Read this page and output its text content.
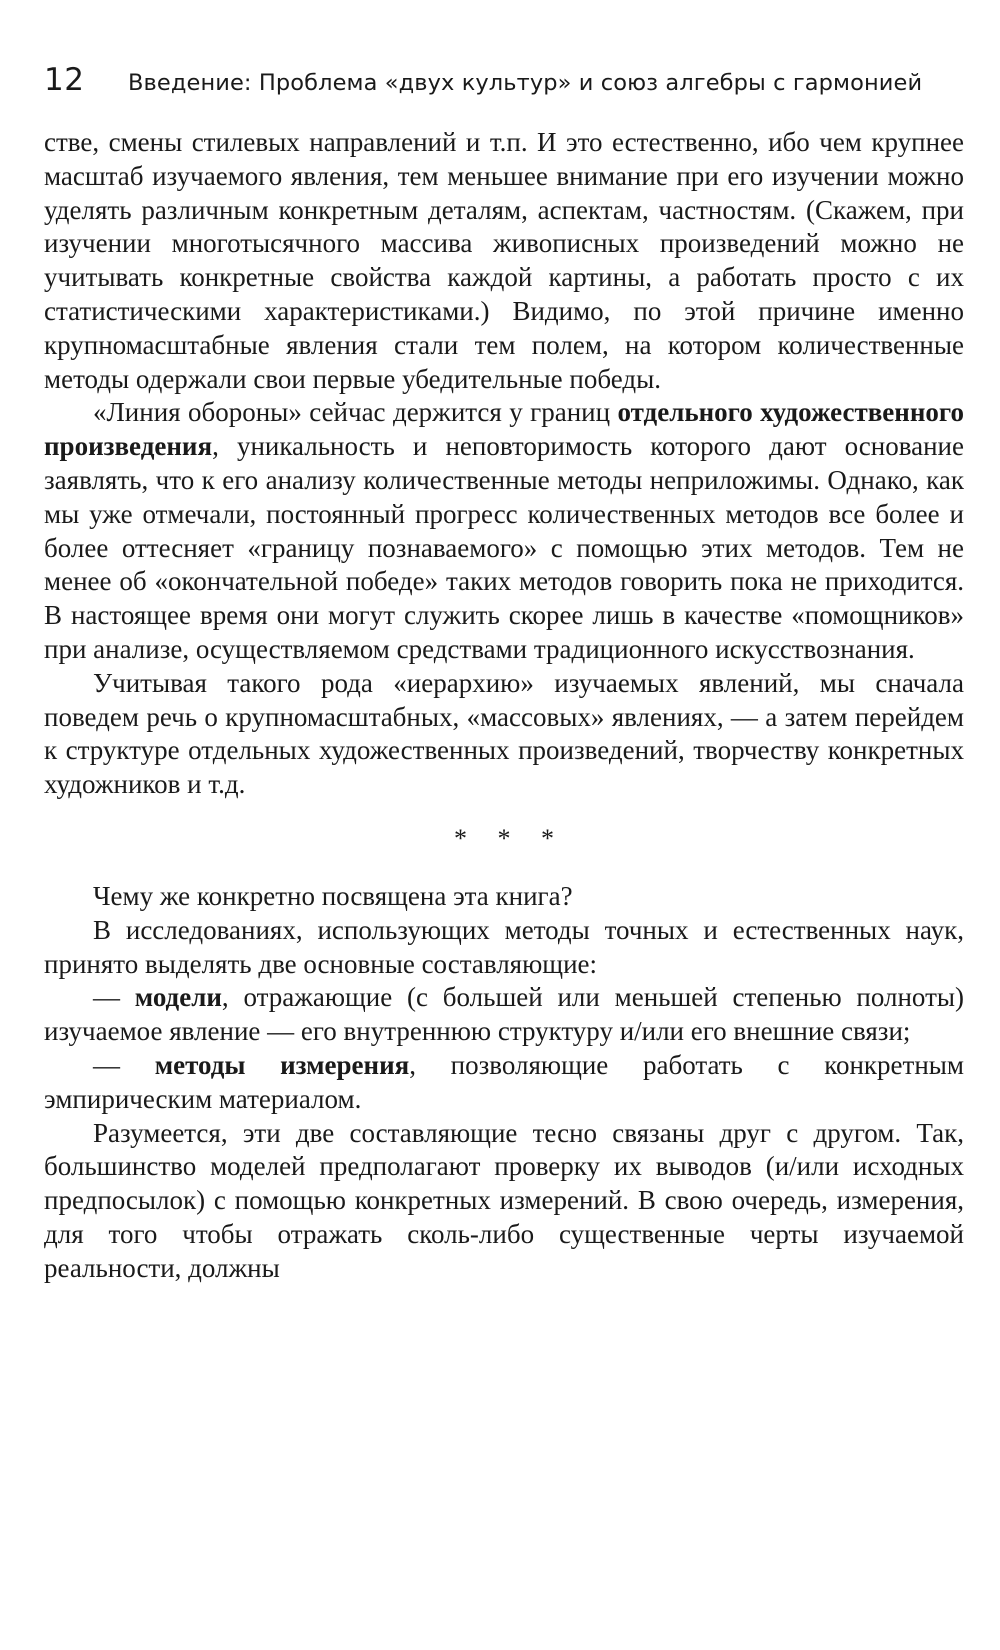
12	Введение: Проблема «двух культур» и союз алгебры с гармонией

стве, смены стилевых направлений и т.п. И это естественно, ибо чем крупнее масштаб изучаемого явления, тем меньшее внимание при его изучении можно уделять различным конкретным деталям, аспектам, частностям. (Скажем, при изучении многотысячного массива живописных произведений можно не учитывать конкретные свойства каждой картины, а работать просто с их статистическими характеристиками.) Видимо, по этой причине именно крупномасштабные явления стали тем полем, на котором количественные методы одержали свои первые убедительные победы.

«Линия обороны» сейчас держится у границ отдельного художественного произведения, уникальность и неповторимость которого дают основание заявлять, что к его анализу количественные методы неприложимы. Однако, как мы уже отмечали, постоянный прогресс количественных методов все более и более оттесняет «границу познаваемого» с помощью этих методов. Тем не менее об «окончательной победе» таких методов говорить пока не приходится. В настоящее время они могут служить скорее лишь в качестве «помощников» при анализе, осуществляемом средствами традиционного искусствознания.

Учитывая такого рода «иерархию» изучаемых явлений, мы сначала поведем речь о крупномасштабных, «массовых» явлениях, — а затем перейдем к структуре отдельных художественных произведений, творчеству конкретных художников и т.д.

* * *

Чему же конкретно посвящена эта книга?

В исследованиях, использующих методы точных и естественных наук, принято выделять две основные составляющие:

— модели, отражающие (с большей или меньшей степенью полноты) изучаемое явление — его внутреннюю структуру и/или его внешние связи;

— методы измерения, позволяющие работать с конкретным эмпирическим материалом.

Разумеется, эти две составляющие тесно связаны друг с другом. Так, большинство моделей предполагают проверку их выводов (и/или исходных предпосылок) с помощью конкретных измерений. В свою очередь, измерения, для того чтобы отражать сколь-либо существенные черты изучаемой реальности, должны
